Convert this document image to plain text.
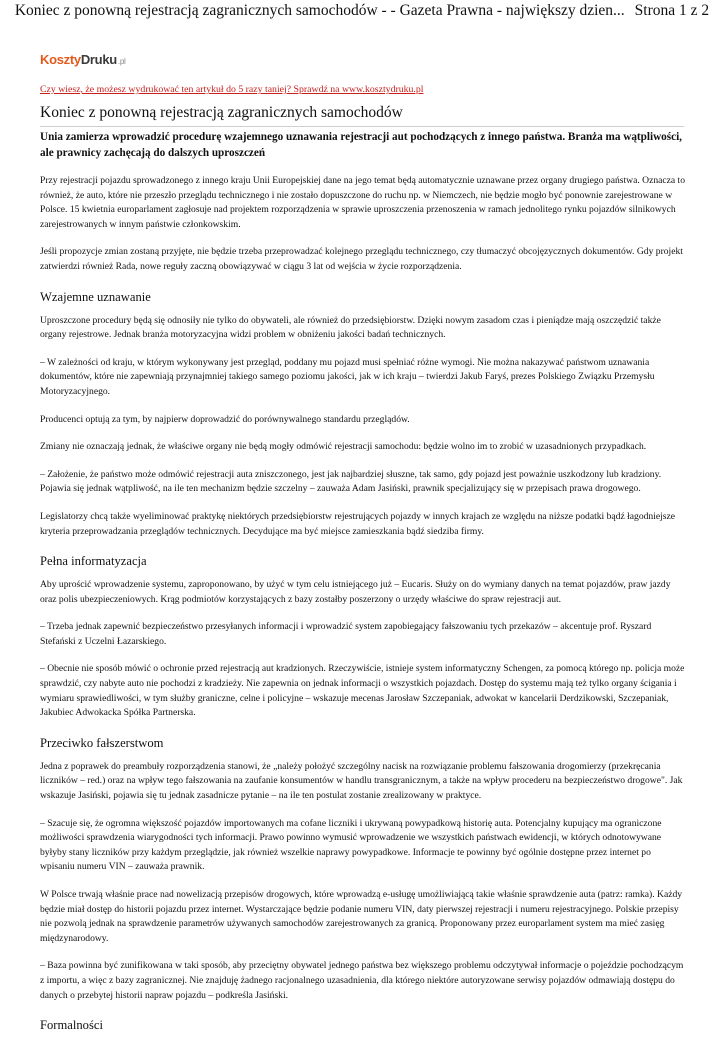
Koniec z ponowną rejestracją zagranicznych samochodów - - Gazeta Prawna - największy dzien... Strona 1 z 2
KosztyDruku.pl
Czy wiesz, że możesz wydrukować ten artykuł do 5 razy taniej? Sprawdź na www.kosztydruku.pl
Koniec z ponowną rejestracją zagranicznych samochodów

Unia zamierza wprowadzić procedurę wzajemnego uznawania rejestracji aut pochodzących z innego państwa. Branża ma wątpliwości, ale prawnicy zachęcają do dalszych uproszczeń

Przy rejestracji pojazdu sprowadzonego z innego kraju Unii Europejskiej dane na jego temat będą automatycznie uznawane przez organy drugiego państwa. Oznacza to również, że auto, które nie przeszło przeglądu technicznego i nie zostało dopuszczone do ruchu np. w Niemczech, nie będzie mogło być ponownie zarejestrowane w Polsce. 15 kwietnia europarlament zagłosuje nad projektem rozporządzenia w sprawie uproszczenia przenoszenia w ramach jednolitego rynku pojazdów silnikowych zarejestrowanych w innym państwie członkowskim.

Jeśli propozycje zmian zostaną przyjęte, nie będzie trzeba przeprowadzać kolejnego przeglądu technicznego, czy tłumaczyć obcojęzycznych dokumentów. Gdy projekt zatwierdzi również Rada, nowe reguły zaczną obowiązywać w ciągu 3 lat od wejścia w życie rozporządzenia.

Wzajemne uznawanie

Uproszczone procedury będą się odnosiły nie tylko do obywateli, ale również do przedsiębiorstw. Dzięki nowym zasadom czas i pieniądze mają oszczędzić także organy rejestrowe. Jednak branża motoryzacyjna widzi problem w obniżeniu jakości badań technicznych.

– W zależności od kraju, w którym wykonywany jest przegląd, poddany mu pojazd musi spełniać różne wymogi. Nie można nakazywać państwom uznawania dokumentów, które nie zapewniają przynajmniej takiego samego poziomu jakości, jak w ich kraju – twierdzi Jakub Faryś, prezes Polskiego Związku Przemysłu Motoryzacyjnego.

Producenci optują za tym, by najpierw doprowadzić do porównywalnego standardu przeglądów.

Zmiany nie oznaczają jednak, że właściwe organy nie będą mogły odmówić rejestracji samochodu: będzie wolno im to zrobić w uzasadnionych przypadkach.

– Założenie, że państwo może odmówić rejestracji auta zniszczonego, jest jak najbardziej słuszne, tak samo, gdy pojazd jest poważnie uszkodzony lub kradziony. Pojawia się jednak wątpliwość, na ile ten mechanizm będzie szczelny – zauważa Adam Jasiński, prawnik specjalizujący się w przepisach prawa drogowego.

Legislatorzy chcą także wyeliminować praktykę niektórych przedsiębiorstw rejestrujących pojazdy w innych krajach ze względu na niższe podatki bądź łagodniejsze kryteria przeprowadzania przeglądów technicznych. Decydujące ma być miejsce zamieszkania bądź siedziba firmy.

Pełna informatyzacja

Aby uprościć wprowadzenie systemu, zaproponowano, by użyć w tym celu istniejącego już – Eucaris. Służy on do wymiany danych na temat pojazdów, praw jazdy oraz polis ubezpieczeniowych. Krąg podmiotów korzystających z bazy zostałby poszerzony o urzędy właściwe do spraw rejestracji aut.

– Trzeba jednak zapewnić bezpieczeństwo przesyłanych informacji i wprowadzić system zapobiegający fałszowaniu tych przekazów – akcentuje prof. Ryszard Stefański z Uczelni Łazarskiego.

– Obecnie nie sposób mówić o ochronie przed rejestracją aut kradzionych. Rzeczywiście, istnieje system informatyczny Schengen, za pomocą którego np. policja może sprawdzić, czy nabyte auto nie pochodzi z kradzieży. Nie zapewnia on jednak informacji o wszystkich pojazdach. Dostęp do systemu mają też tylko organy ścigania i wymiaru sprawiedliwości, w tym służby graniczne, celne i policyjne – wskazuje mecenas Jarosław Szczepaniak, adwokat w kancelarii Derdzikowski, Szczepaniak, Jakubiec Adwokacka Spółka Partnerska.

Przeciwko fałszerstwom

Jedna z poprawek do preambuły rozporządzenia stanowi, że „należy położyć szczególny nacisk na rozwiązanie problemu fałszowania drogomierzy (przekręcania liczników – red.) oraz na wpływ tego fałszowania na zaufanie konsumentów w handlu transgranicznym, a także na wpływ procederu na bezpieczeństwo drogowe". Jak wskazuje Jasiński, pojawia się tu jednak zasadnicze pytanie – na ile ten postulat zostanie zrealizowany w praktyce.

– Szacuje się, że ogromna większość pojazdów importowanych ma cofane liczniki i ukrywaną powypadkową historię auta. Potencjalny kupujący ma ograniczone możliwości sprawdzenia wiarygodności tych informacji. Prawo powinno wymusić wprowadzenie we wszystkich państwach ewidencji, w których odnotowywane byłyby stany liczników przy każdym przeglądzie, jak również wszelkie naprawy powypadkowe. Informacje te powinny być ogólnie dostępne przez internet po wpisaniu numeru VIN – zauważa prawnik.

W Polsce trwają właśnie prace nad nowelizacją przepisów drogowych, które wprowadzą e-usługę umożliwiającą takie właśnie sprawdzenie auta (patrz: ramka). Każdy będzie miał dostęp do historii pojazdu przez internet. Wystarczające będzie podanie numeru VIN, daty pierwszej rejestracji i numeru rejestracyjnego. Polskie przepisy nie pozwolą jednak na sprawdzenie parametrów używanych samochodów zarejestrowanych za granicą. Proponowany przez europarlament system ma mieć zasięg międzynarodowy.

– Baza powinna być zunifikowana w taki sposób, aby przeciętny obywatel jednego państwa bez większego problemu odczytywał informacje o pojeździe pochodzącym z importu, a więc z bazy zagranicznej. Nie znajduję żadnego racjonalnego uzasadnienia, dla którego niektóre autoryzowane serwisy pojazdów odmawiają dostępu do danych o przebytej historii napraw pojazdu – podkreśla Jasiński.

Formalności
